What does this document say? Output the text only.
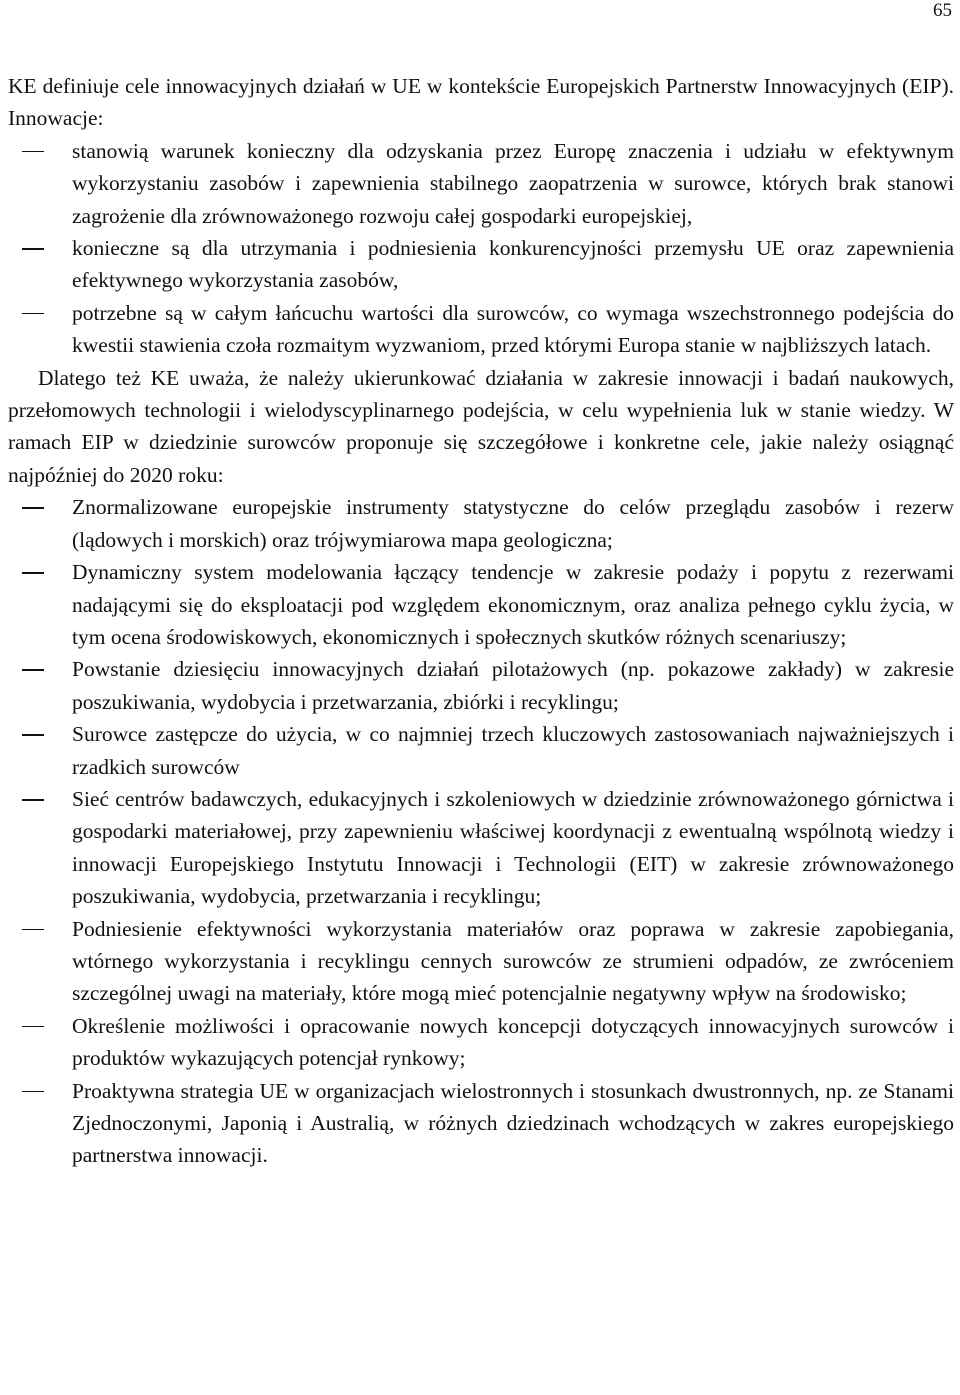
65

KE definiuje cele innowacyjnych działań w UE w kontekście Europejskich Partnerstw Innowacyjnych (EIP). Innowacje:

stanowią warunek konieczny dla odzyskania przez Europę znaczenia i udziału w efektywnym wykorzystaniu zasobów i zapewnienia stabilnego zaopatrzenia w surowce, których brak stanowi zagrożenie dla zrównoważonego rozwoju całej gospodarki europejskiej,
konieczne są dla utrzymania i podniesienia konkurencyjności przemysłu UE oraz zapewnienia efektywnego wykorzystania zasobów,
potrzebne są w całym łańcuchu wartości dla surowców, co wymaga wszechstronnego podejścia do kwestii stawienia czoła rozmaitym wyzwaniom, przed którymi Europa stanie w najbliższych latach.

Dlatego też KE uważa, że należy ukierunkować działania w zakresie innowacji i badań naukowych, przełomowych technologii i wielodyscyplinarnego podejścia, w celu wypełnienia luk w stanie wiedzy. W ramach EIP w dziedzinie surowców proponuje się szczegółowe i konkretne cele, jakie należy osiągnąć najpóźniej do 2020 roku:

Znormalizowane europejskie instrumenty statystyczne do celów przeglądu zasobów i rezerw (lądowych i morskich) oraz trójwymiarowa mapa geologiczna;
Dynamiczny system modelowania łączący tendencje w zakresie podaży i popytu z rezerwami nadającymi się do eksploatacji pod względem ekonomicznym, oraz analiza pełnego cyklu życia, w tym ocena środowiskowych, ekonomicznych i społecznych skutków różnych scenariuszy;
Powstanie dziesięciu innowacyjnych działań pilotażowych (np. pokazowe zakłady) w zakresie poszukiwania, wydobycia i przetwarzania, zbiórki i recyklingu;
Surowce zastępcze do użycia, w co najmniej trzech kluczowych zastosowaniach najważniejszych i rzadkich surowców
Sieć centrów badawczych, edukacyjnych i szkoleniowych w dziedzinie zrównoważonego górnictwa i gospodarki materiałowej, przy zapewnieniu właściwej koordynacji z ewentualną wspólnotą wiedzy i innowacji Europejskiego Instytutu Innowacji i Technologii (EIT) w zakresie zrównoważonego poszukiwania, wydobycia, przetwarzania i recyklingu;
Podniesienie efektywności wykorzystania materiałów oraz poprawa w zakresie zapobiegania, wtórnego wykorzystania i recyklingu cennych surowców ze strumieni odpadów, ze zwróceniem szczególnej uwagi na materiały, które mogą mieć potencjalnie negatywny wpływ na środowisko;
Określenie możliwości i opracowanie nowych koncepcji dotyczących innowacyjnych surowców i produktów wykazujących potencjał rynkowy;
Proaktywna strategia UE w organizacjach wielostronnych i stosunkach dwustronnych, np. ze Stanami Zjednoczonymi, Japonią i Australią, w różnych dziedzinach wchodzących w zakres europejskiego partnerstwa innowacji.
